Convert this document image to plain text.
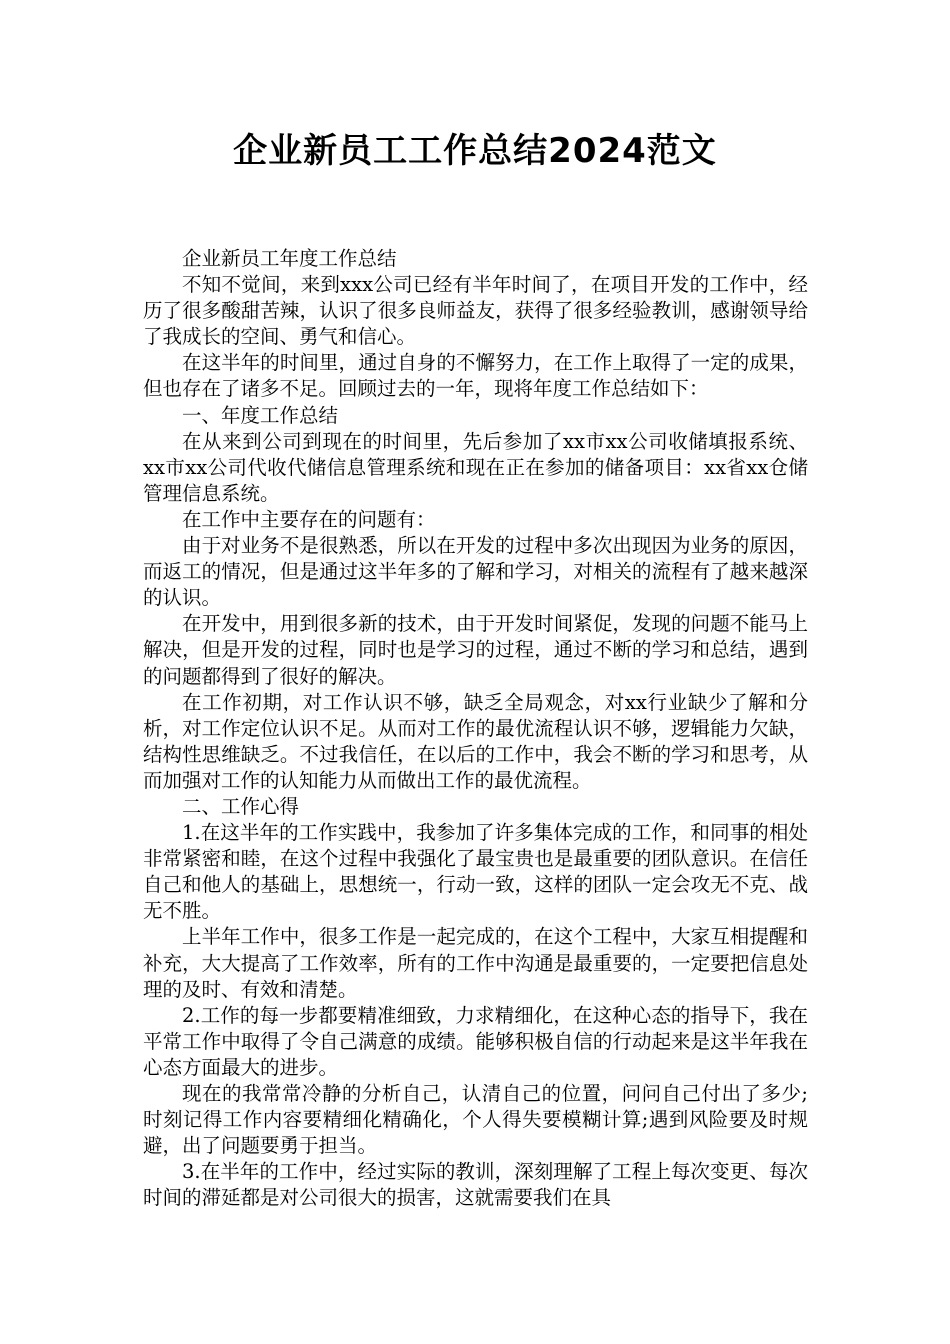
企业新员工工作总结2024范文

企业新员工年度工作总结

不知不觉间，来到xxx公司已经有半年时间了，在项目开发的工作中，经历了很多酸甜苦辣，认识了很多良师益友，获得了很多经验教训，感谢领导给了我成长的空间、勇气和信心。

在这半年的时间里，通过自身的不懈努力，在工作上取得了一定的成果，但也存在了诸多不足。回顾过去的一年，现将年度工作总结如下：

一、年度工作总结

在从来到公司到现在的时间里，先后参加了xx市xx公司收储填报系统、xx市xx公司代收代储信息管理系统和现在正在参加的储备项目：xx省xx仓储管理信息系统。

在工作中主要存在的问题有：

由于对业务不是很熟悉，所以在开发的过程中多次出现因为业务的原因，而返工的情况，但是通过这半年多的了解和学习，对相关的流程有了越来越深的认识。

在开发中，用到很多新的技术，由于开发时间紧促，发现的问题不能马上解决，但是开发的过程，同时也是学习的过程，通过不断的学习和总结，遇到的问题都得到了很好的解决。

在工作初期，对工作认识不够，缺乏全局观念，对xx行业缺少了解和分析，对工作定位认识不足。从而对工作的最优流程认识不够，逻辑能力欠缺，结构性思维缺乏。不过我信任，在以后的工作中，我会不断的学习和思考，从而加强对工作的认知能力从而做出工作的最优流程。

二、工作心得

1.在这半年的工作实践中，我参加了许多集体完成的工作，和同事的相处非常紧密和睦，在这个过程中我强化了最宝贵也是最重要的团队意识。在信任自己和他人的基础上，思想统一，行动一致，这样的团队一定会攻无不克、战无不胜。

上半年工作中，很多工作是一起完成的，在这个工程中，大家互相提醒和补充，大大提高了工作效率，所有的工作中沟通是最重要的，一定要把信息处理的及时、有效和清楚。

2.工作的每一步都要精准细致，力求精细化，在这种心态的指导下，我在平常工作中取得了令自己满意的成绩。能够积极自信的行动起来是这半年我在心态方面最大的进步。

现在的我常常冷静的分析自己，认清自己的位置，问问自己付出了多少;时刻记得工作内容要精细化精确化，个人得失要模糊计算;遇到风险要及时规避，出了问题要勇于担当。

3.在半年的工作中，经过实际的教训，深刻理解了工程上每次变更、每次时间的滞延都是对公司很大的损害，这就需要我们在具
